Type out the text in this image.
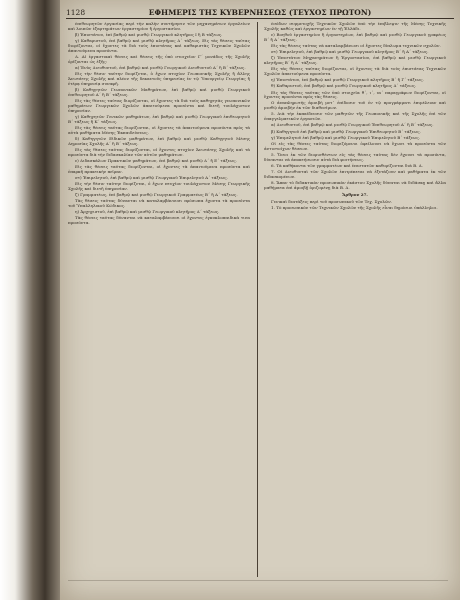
1128	ΕΦΗΜΕΡΙΣ ΤΗΣ ΚΥΒΕΡΝΗΣΕΩΣ (ΤΕΥΧΟΣ ΠΡΩΤΟΝ)

ἐπιθεωρητῶν ἐργασίας περὶ τὴν καλὴν συντήρησιν τῶν μηχανημάτων ἐργαλείων καὶ λοιπῶν ἐξαρτημάτων ἐργαστηρίου ἢ ἐργοστασίου.

β) Ἐπιστάτου, ἐπὶ βαθμῷ καὶ μισθῷ Γεωργικοῦ κλητῆρος Ι ἢ Β τάξεως.

γ) Καθαριστοῦ, ἐπὶ βαθμῷ καὶ μισθῷ κλητῆρος Δ΄ τάξεως. Εἰς τὰς θέσεις ταύτας διορίζονται, οἱ ἔχοντες τὰ διὰ τοὺς ἐπιστάτας καὶ καθαριστὰς Τεχνικῶν Σχολῶν ἀπαιτούμενα προσόντα.

Δ. Αἱ ἐργαστικαὶ θέσεις καὶ θέσεις τῆς ὑπὸ στοιχεῖον Γ΄ μονάδος τῆς Σχολῆς ὁρίζονται ὡς ἑξῆς:

α) Ἑνὸς Διευθυντοῦ, ἐπὶ βαθμῷ καὶ μισθῷ Γεωργικοῦ Διευθυντοῦ Α΄ ἢ Β΄ τάξεως.

Εἰς τὴν θέσιν ταύτην διορίζεται, ὁ ἔχων πτυχίον Γεωπονικῆς Σχολῆς ἢ ἄλλης Ἀνωτάτης Σχολῆς καὶ πλέον τῆς δεκαετοῦς ὑπηρεσίας ἐν τῷ Ὑπουργείῳ Γεωργίας ἢ ἑτέρᾳ ὑπηρεσίᾳ συναφῆ.

β) Καθηγητῶν Γεωπονικῶν Μαθημάτων, ἐπὶ βαθμῷ καὶ μισθῷ Γεωργικοῦ ἐπιθεωρητοῦ Α΄ ἢ Β΄ τάξεως.

Εἰς τὰς θέσεις ταύτας διορίζονται, οἱ ἔχοντες τὰ διὰ τοὺς καθηγητὰς γεωπονικῶν μαθημάτων Γεωργικῶν Σχολῶν ἀπαιτούμενα προσόντα καὶ διετῆ τουλάχιστον ὑπηρεσίαν.

γ) Καθηγητῶν Γενικῶν μαθημάτων, ἐπὶ βαθμῷ καὶ μισθῷ Γεωργικοῦ ἐπιθεωρητοῦ Β΄ τάξεως ἢ Κ΄ τάξεως.

Εἰς τὰς θέσεις ταύτας διορίζονται, οἱ ἔχοντες τὰ ἀπαιτούμενα προσόντα πρὸς τὰ αὐτὰ μαθήματα Μέσης Ἐκπαιδεύσεως.

δ) Καθηγητῶν Εἰδικῶν μαθημάτων, ἐπὶ βαθμῷ καὶ μισθῷ Καθηγητοῦ Μέσης Δημοσίας Σχολῆς Α΄ ἢ Β΄ τάξεως.

Εἰς τὰς θέσεις ταύτας διορίζονται, οἱ ἔχοντες πτυχίον Ἀνωτάτης Σχολῆς καὶ τὰ προσόντα διὰ τὴν διδασκαλίαν τῶν αὐτῶν μαθημάτων.

ε) Διδασκάλων Πρακτικῶν μαθημάτων, ἐπὶ βαθμῷ καὶ μισθῷ Δ΄ ἢ Ε΄ τάξεως.

Εἰς τὰς θέσεις ταύτας διορίζονται, οἱ ἔχοντες τὰ ἀπαιτούμενα προσόντα καὶ ἐπαρκῆ πρακτικὴν πεῖραν.

στ) Ἐπιμελητοῦ, ἐπὶ βαθμῷ καὶ μισθῷ Γεωργικοῦ Ἐπιμελητοῦ Α΄ τάξεως.

Εἰς τὴν θέσιν ταύτην διορίζεται, ὁ ἔχων πτυχίον τουλάχιστον Μέσης Γεωργικῆς Σχολῆς καὶ διετῆ ὑπηρεσίαν.

ζ) Γραμματέως, ἐπὶ βαθμῷ καὶ μισθῷ Γεωργικοῦ Γραμματέως Β΄ ἢ Α΄ τάξεως.

Τὰς θέσεις ταύτας δύνανται νὰ καταλαμβάνουσι πρόσωπα ἔχοντα τὰ προσόντα τοῦ Ὑπαλληλικοῦ Κώδικος.

η) Ἀρχηγιστοῦ, ἐπὶ βαθμῷ καὶ μισθῷ Γεωργικοῦ κλητῆρος Δ΄ τάξεως.

Τὰς θέσεις ταύτας δύνανται νὰ καταλαμβάνουσι οἱ ἔχοντες ἐγκυκλοπαιδικὰ τινα προσόντα.

ἐσόδων συμμετοχῆς Τεχνικῶν Σχολῶν ὑπὸ τὴν ἐπιβλεψιν τῆς Μέσης Τεχνικῆς Σχολῆς καθὼς καὶ ἐργαστηρίων ἐν τῇ Ἑλλάδι.

ε) Βοηθοῦ ἐργαστηρίου ἢ ἐργαστηρίων, ἐπὶ βαθμῷ καὶ μισθῷ Γεωργικοῦ γραφέως Β΄ ἢ Α΄ τάξεως.

Εἰς τὰς θέσεις ταύτας νὰ καταλαμβάνωσι οἱ ἔχοντες δίπλωμα τεχνικῶν σχολῶν.

στ) Ἐπιμελητοῦ, ἐπὶ βαθμῷ καὶ μισθῷ Γεωργικοῦ κλητῆρος Β΄ ἢ Α΄ τάξεως.

ζ) Ἐπιστάτου Μηχανημάτων ἢ Ἐργοστασίου, ἐπὶ βαθμῷ καὶ μισθῷ Γεωργικοῦ κλητῆρος Β΄ ἢ Δ΄ τάξεως.

Εἰς τὰς θέσεις ταύτας διορίζονται, οἱ ἔχοντες τὰ διὰ τοὺς ἐπιστάτας Τεχνικῶν Σχολῶν ἀπαιτούμενα προσόντα.

η) Ἐπιστάτου, ἐπὶ βαθμῷ καὶ μισθῷ Γεωργικοῦ κλητῆρος Β΄ ἢ Γ΄ τάξεως.

θ) Καθαριστοῦ, ἐπὶ βαθμῷ καὶ μισθῷ Γεωργικοῦ κλητῆρος Δ΄ τάξεως.

Εἰς τὰς θέσεις ταύτας τῶν ὑπὸ στοιχεῖα θ΄, ι΄, ια΄ παραγράφων διορίζονται, οἱ ἔχοντες προσόντα πρὸς τὰς θέσεις.

Ο ἀναπληρωτὴς ἀμοιβὴ μετ᾽ ἐπίδοσιν τοῦ ἐν τῷ προγράμματι ἐπιμέλειαν καὶ μισθῷ ἀμοιβὴν ἐκ τῶν διαθεσίμων.

5. Διὰ τὴν ἐκπαίδευσιν τῶν μαθητῶν τῆς Γεωπονικῆς καὶ τῆς Σχολῆς ἐπὶ τῶν ἐπαγγελματικῶν ἐργασιῶν.

α) Διευθυντοῦ, ἐπὶ βαθμῷ καὶ μισθῷ Γεωργικοῦ Ἐπιθεωρητοῦ Α΄ ἢ Β΄ τάξεως.

β) Καθηγητοῦ ἐπὶ βαθμῷ καὶ μισθῷ Γεωργικοῦ Ἐπιθεωρητοῦ Β΄ τάξεως.

γ) Ἐπιμελητοῦ ἐπὶ βαθμῷ καὶ μισθῷ Γεωργικοῦ Ἐπιμελητοῦ Β΄ τάξεως.

Οἱ εἰς τὰς θέσεις ταύτας διοριζόμενοι ὀφείλουσι νὰ ἔχωσι τὰ προσόντα τῶν ἀντιστοίχων θέσεων.

5. Ὅσοι ἐκ τῶν διορισθέντων εἰς τὰς θέσεις ταύτας δὲν ἔχουσι τὰ προσόντα, δύνανται νὰ ἀποκτήσωσιν αὐτὰ διὰ φοιτήσεως.

6. Τὰ καθήκοντα τῶν γραμματέων καὶ ἐπιστατῶν καθορίζονται διὰ Β. Δ.

7. Οἱ Διευθυνταὶ τῶν Σχολῶν ἐπιτρέπεται νὰ ἐξετάζουν καὶ μαθήματα ἐκ τῶν διδασκομένων.

8. Ἅπαν τὸ διδακτικὸν προσωπικὸν ἑκάστου Σχολῆς δύναται νὰ διδάσκῃ καὶ ἄλλα μαθήματα ἐπὶ ἀμοιβῇ ὁριζομένῃ διὰ Β. Δ.

Ἄρθρον 27.

Γενικαὶ διατάξεις περὶ τοῦ προσωπικοῦ τῶν Τεχ. Σχολῶν.

1. Τὸ προσωπικὸν τῶν Τεχνικῶν Σχολῶν τῆς Σχολῆς εἶναι δημόσιοι ὑπάλληλοι.
